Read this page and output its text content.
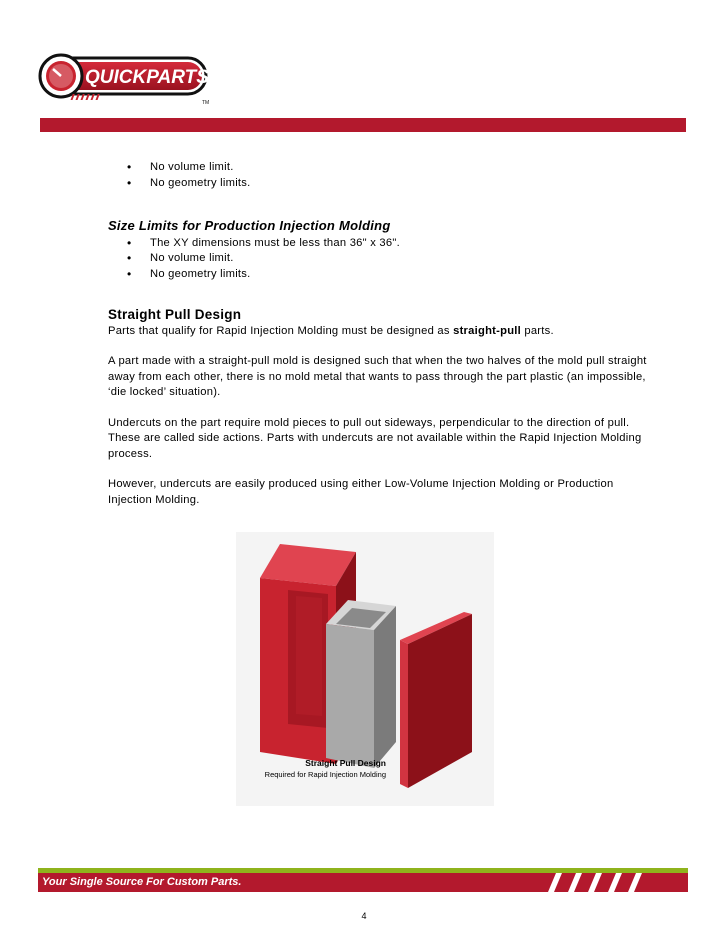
QUICKPARTS
TM
• No volume limit.
• No geometry limits.
Size Limits for Production Injection Molding
• The XY dimensions must be less than 36" x 36".
• No volume limit.
• No geometry limits.
Straight Pull Design

Parts that qualify for Rapid Injection Molding must be designed as straight-pull parts.

A part made with a straight-pull mold is designed such that when the two halves of the mold pull straight away from each other, there is no mold metal that wants to pass through the part plastic (an impossible, ‘die locked’ situation).

Undercuts on the part require mold pieces to pull out sideways, perpendicular to the direction of pull. These are called side actions. Parts with undercuts are not available within the Rapid Injection Molding process.

However, undercuts are easily produced using either Low-Volume Injection Molding or Production Injection Molding.

Straight Pull Design
Required for Rapid Injection Molding
Your Single Source For Custom Parts.
4
